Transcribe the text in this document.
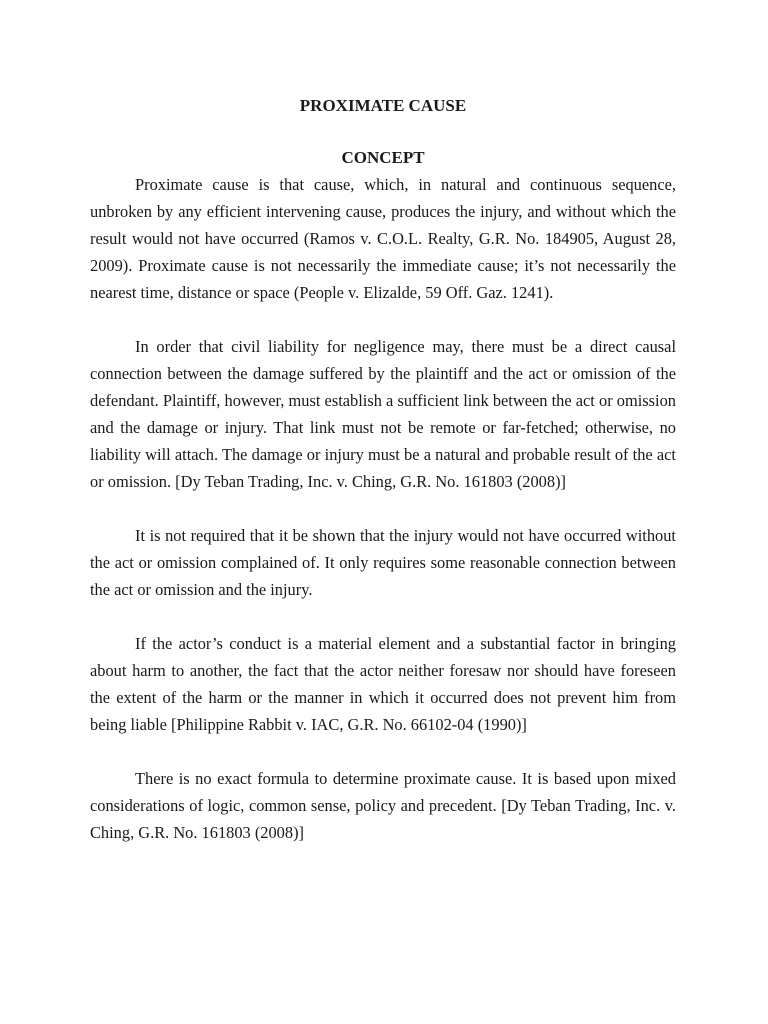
PROXIMATE CAUSE
CONCEPT

Proximate cause is that cause, which, in natural and continuous sequence, unbroken by any efficient intervening cause, produces the injury, and without which the result would not have occurred (Ramos v. C.O.L. Realty, G.R. No. 184905, August 28, 2009). Proximate cause is not necessarily the immediate cause; it’s not necessarily the nearest time, distance or space (People v. Elizalde, 59 Off. Gaz. 1241).

In order that civil liability for negligence may, there must be a direct causal connection between the damage suffered by the plaintiff and the act or omission of the defendant. Plaintiff, however, must establish a sufficient link between the act or omission and the damage or injury. That link must not be remote or far-fetched; otherwise, no liability will attach. The damage or injury must be a natural and probable result of the act or omission. [Dy Teban Trading, Inc. v. Ching, G.R. No. 161803 (2008)]

It is not required that it be shown that the injury would not have occurred without the act or omission complained of. It only requires some reasonable connection between the act or omission and the injury.

If the actor’s conduct is a material element and a substantial factor in bringing about harm to another, the fact that the actor neither foresaw nor should have foreseen the extent of the harm or the manner in which it occurred does not prevent him from being liable [Philippine Rabbit v. IAC, G.R. No. 66102-04 (1990)]

There is no exact formula to determine proximate cause. It is based upon mixed considerations of logic, common sense, policy and precedent. [Dy Teban Trading, Inc. v. Ching, G.R. No. 161803 (2008)]
